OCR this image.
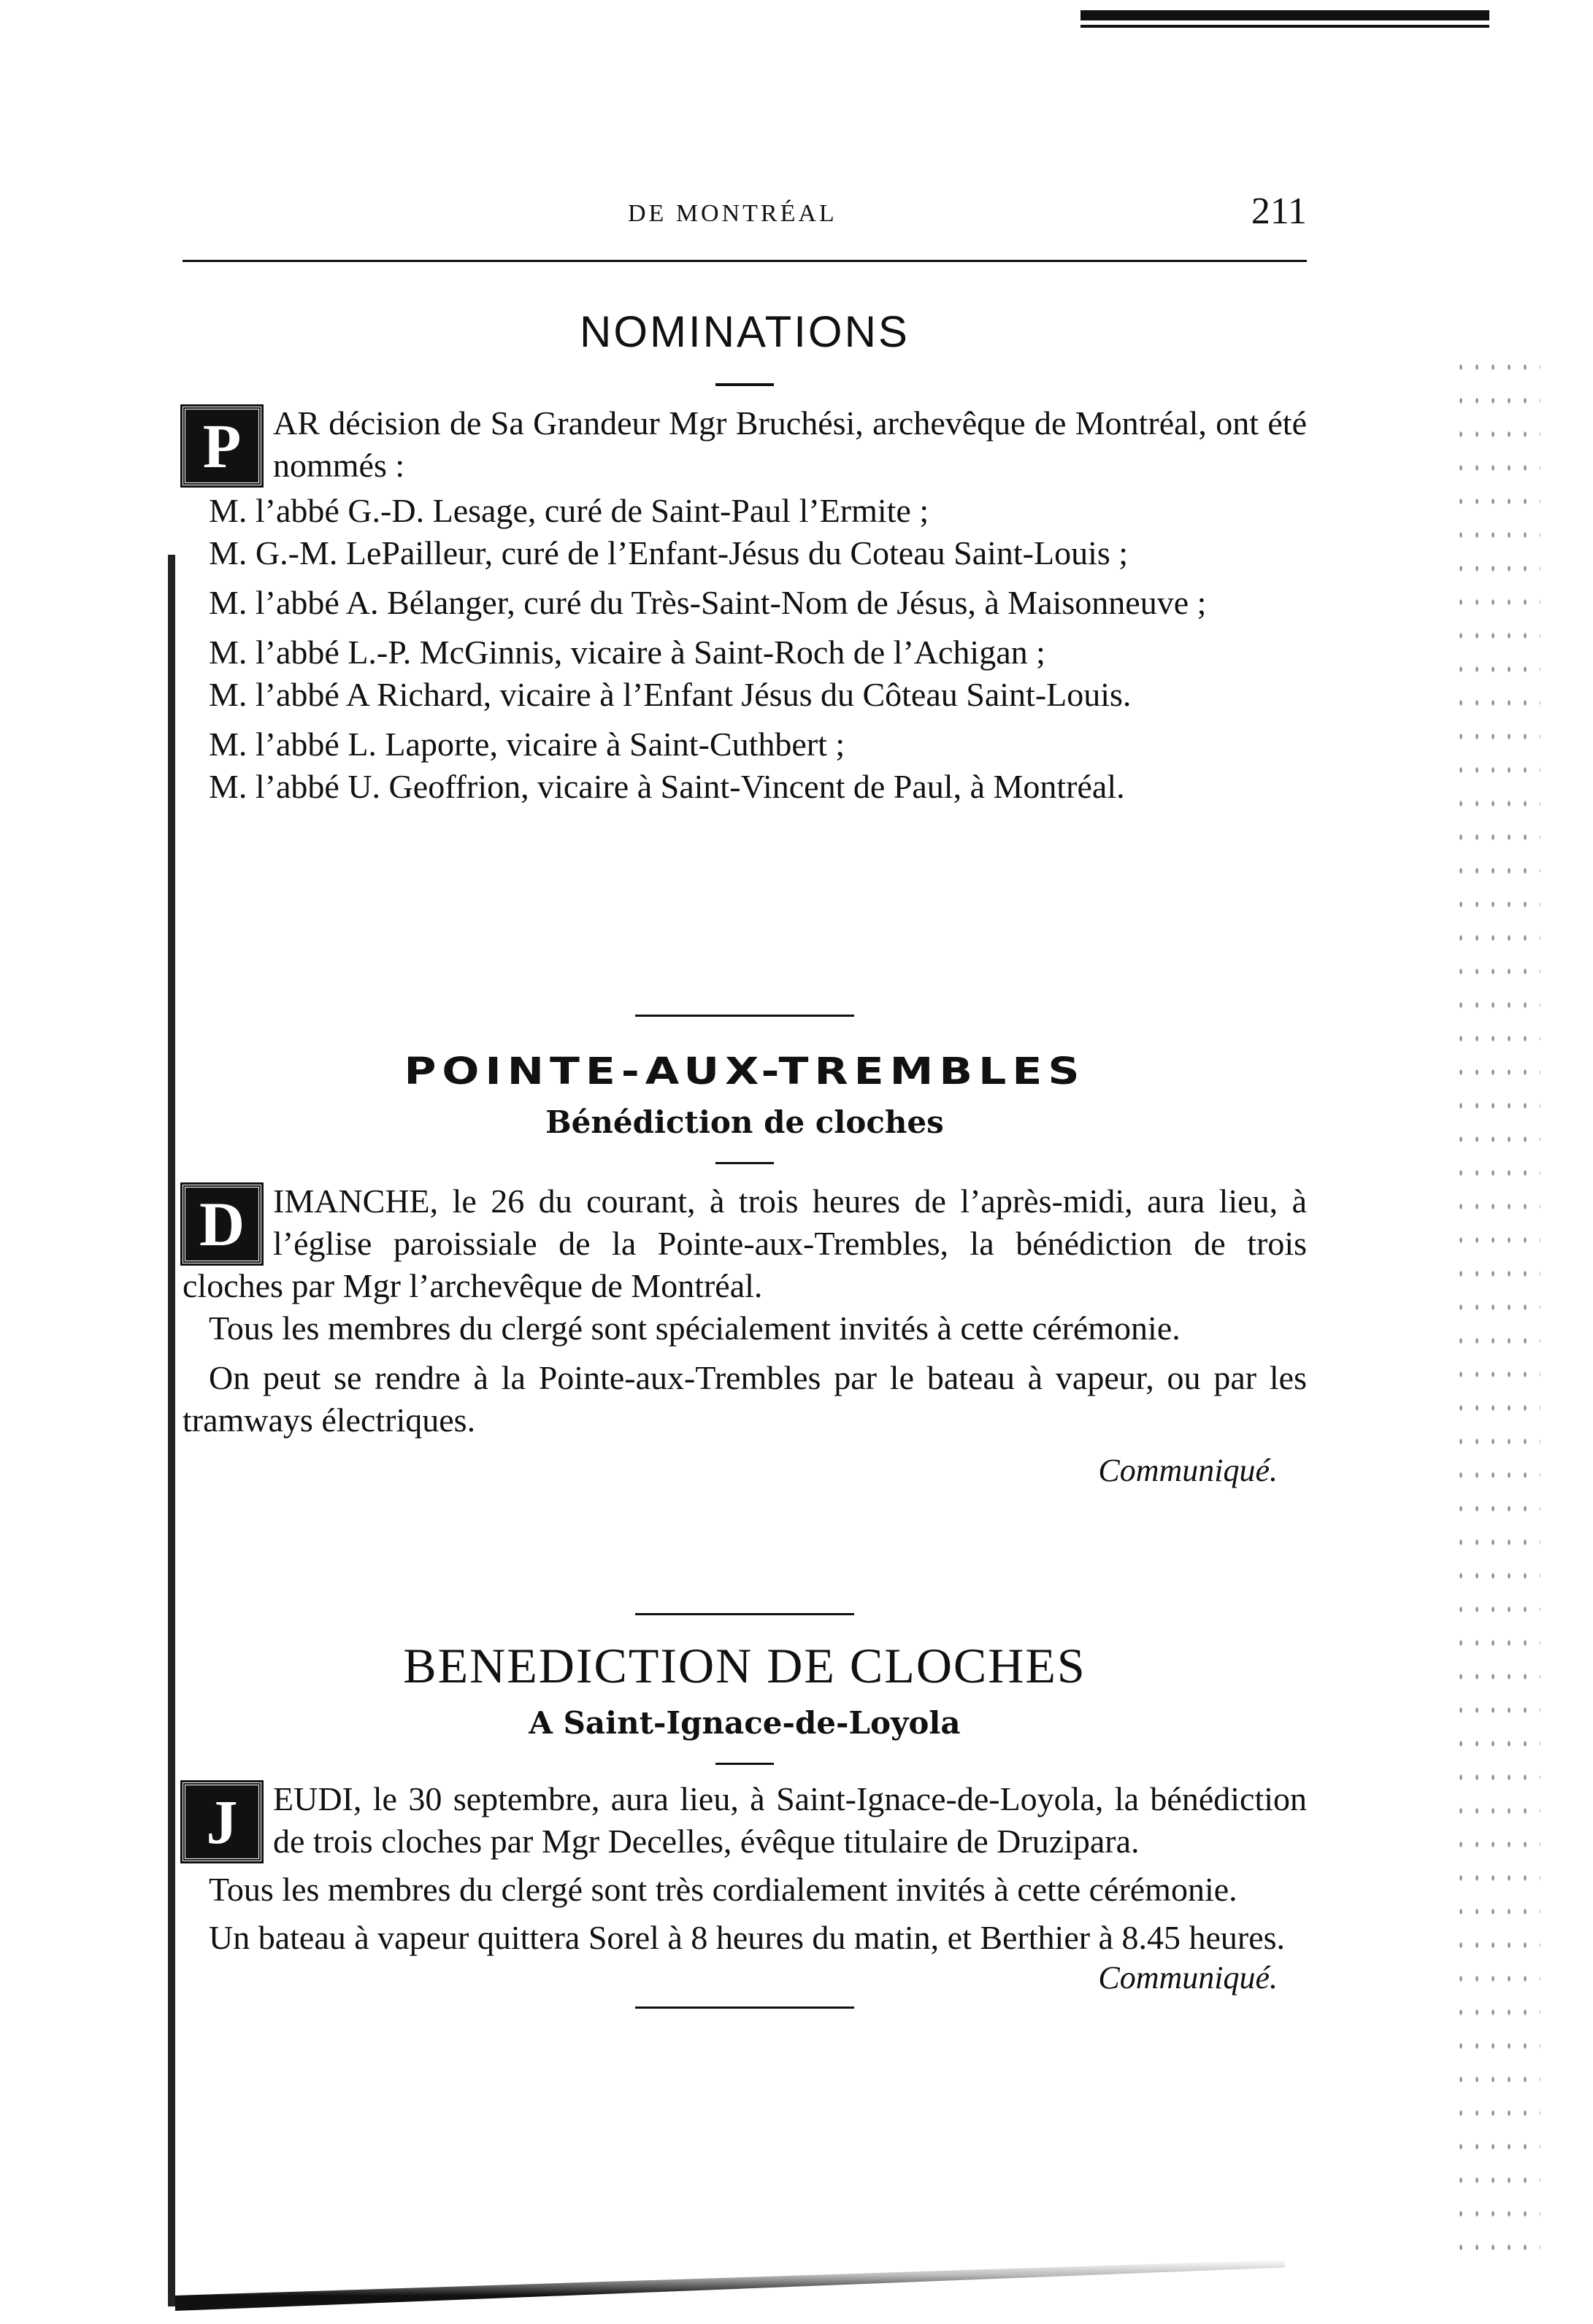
DE MONTRÉAL	211
NOMINATIONS

P AR décision de Sa Grandeur Mgr Bruchési, archevêque de Montréal, ont été nommés :

M. l’abbé G.-D. Lesage, curé de Saint-Paul l’Ermite ;

M. G.-M. LePailleur, curé de l’Enfant-Jésus du Coteau Saint-Louis ;

M. l’abbé A. Bélanger, curé du Très-Saint-Nom de Jésus, à Maisonneuve ;

M. l’abbé L.-P. McGinnis, vicaire à Saint-Roch de l’Achigan ;

M. l’abbé A Richard, vicaire à l’Enfant Jésus du Côteau Saint-Louis.

M. l’abbé L. Laporte, vicaire à Saint-Cuthbert ;

M. l’abbé U. Geoffrion, vicaire à Saint-Vincent de Paul, à Montréal.

POINTE-AUX-TREMBLES
Bénédiction de cloches

D IMANCHE, le 26 du courant, à trois heures de l’après-midi, aura lieu, à l’église paroissiale de la Pointe-aux-Trembles, la bénédiction de trois cloches par Mgr l’archevêque de Montréal.

Tous les membres du clergé sont spécialement invités à cette cérémonie.

On peut se rendre à la Pointe-aux-Trembles par le bateau à vapeur, ou par les tramways électriques.

Communiqué.
BENEDICTION DE CLOCHES
A Saint-Ignace-de-Loyola

J	EUDI, le 30 septembre, aura lieu, à Saint-Ignace-de-Loyola, la bénédiction de trois cloches par Mgr Decelles, évêque titulaire de Druzipara.

Tous les membres du clergé sont très cordialement invités à cette cérémonie.

Un bateau à vapeur quittera Sorel à 8 heures du matin, et Berthier à 8.45 heures.

Communiqué.
